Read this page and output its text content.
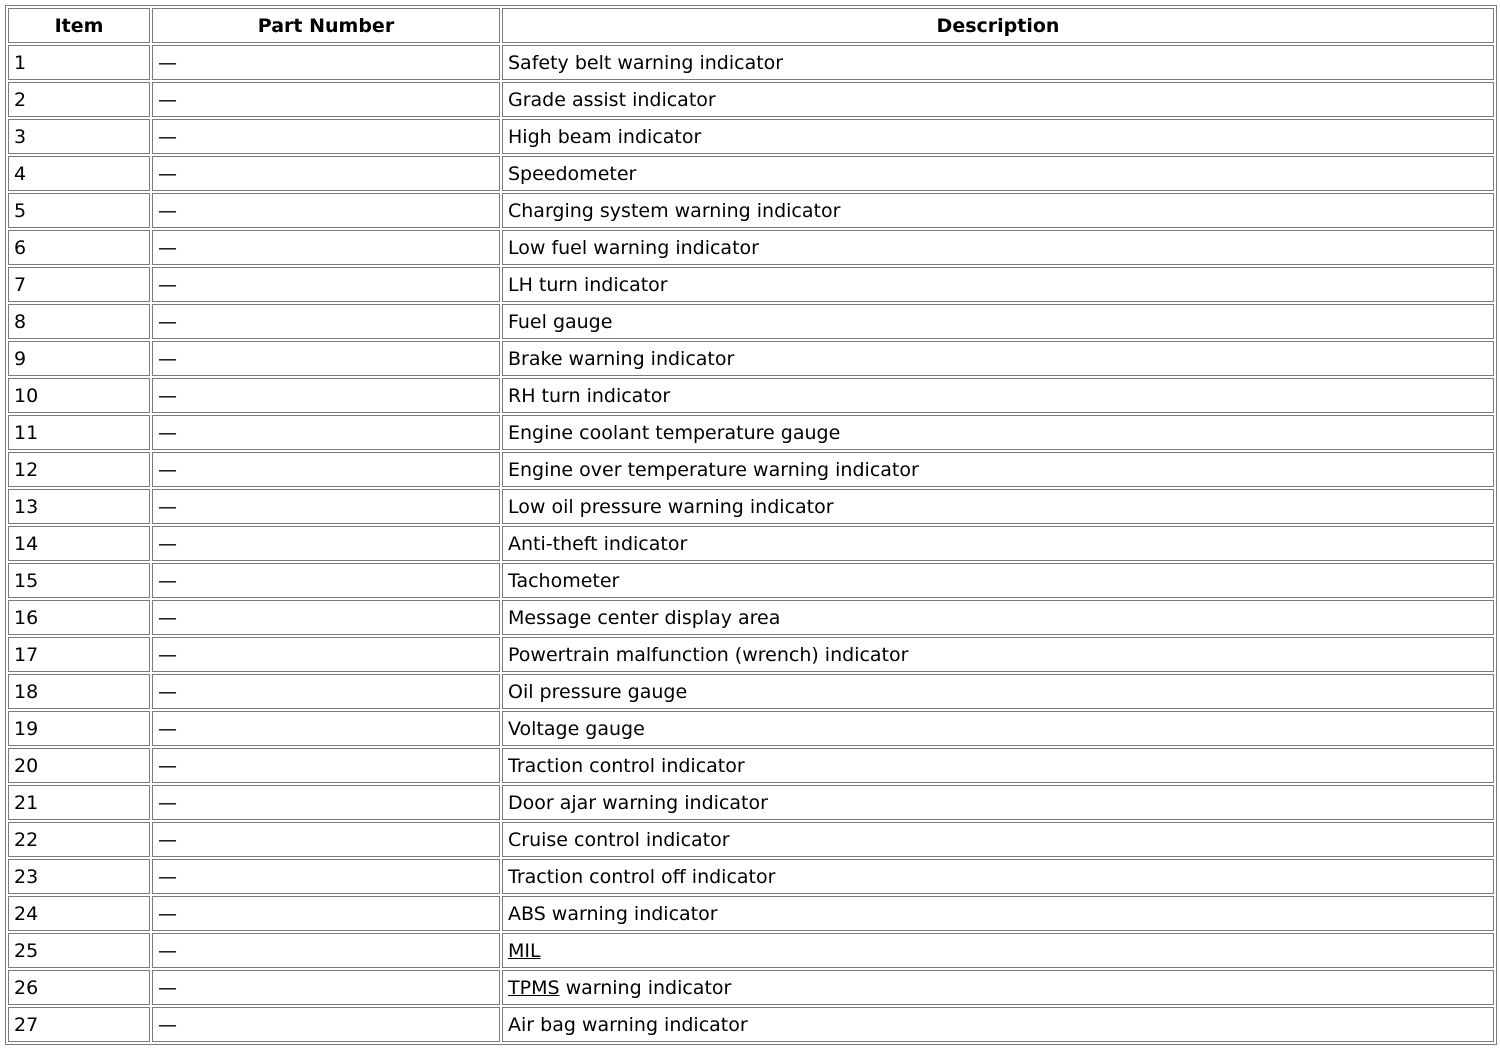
Item	Part Number	Description
1	—	Safety belt warning indicator
2	—	Grade assist indicator
3	—	High beam indicator
4	—	Speedometer
5	—	Charging system warning indicator
6	—	Low fuel warning indicator
7	—	LH turn indicator
8	—	Fuel gauge
9	—	Brake warning indicator
10	—	RH turn indicator
11	—	Engine coolant temperature gauge
12	—	Engine over temperature warning indicator
13	—	Low oil pressure warning indicator
14	—	Anti-theft indicator
15	—	Tachometer
16	—	Message center display area
17	—	Powertrain malfunction (wrench) indicator
18	—	Oil pressure gauge
19	—	Voltage gauge
20	—	Traction control indicator
21	—	Door ajar warning indicator
22	—	Cruise control indicator
23	—	Traction control off indicator
24	—	ABS warning indicator
25	—	MIL
26	—	TPMS warning indicator
27	—	Air bag warning indicator
